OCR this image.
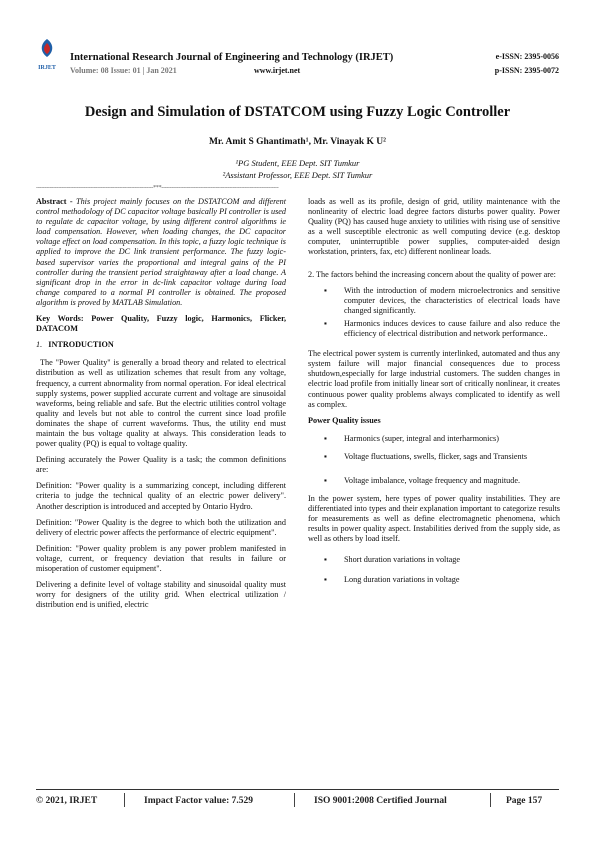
IRJET
International Research Journal of Engineering and Technology (IRJET)
Volume: 08 Issue: 01 | Jan 2021	www.irjet.net
e-ISSN: 2395-0056
p-ISSN: 2395-0072
Design and Simulation of DSTATCOM using Fuzzy Logic Controller
Mr. Amit S Ghantimath¹, Mr. Vinayak K U²
¹PG Student, EEE Dept. SIT Tumkur
²Assistant Professor, EEE Dept. SIT Tumkur
---------------------------------------------------------------------***---------------------------------------------------------------------

Abstract - This project mainly focuses on the DSTATCOM and different control methodology of DC capacitor voltage basically PI controller is used to regulate dc capacitor voltage, by using different control algorithms ie load compensation. However, when loading changes, the DC capacitor voltage effect on load compensation. In this topic, a fuzzy logic technique is applied to improve the DC link transient performance. The fuzzy logic-based supervisor varies the proportional and integral gains of the PI controller during the transient period straightaway after a load change. A significant drop in the error in dc-link capacitor voltage during load change compared to a normal PI controller is obtained. The proposed algorithm is proved by MATLAB Simulation.

Key Words: Power Quality, Fuzzy logic, Harmonics, Flicker, DATACOM

1. INTRODUCTION

The "Power Quality" is generally a broad theory and related to electrical distribution as well as utilization schemes that result from any voltage, frequency, a current abnormality from normal operation. For ideal electrical supply systems, power supplied accurate current and voltage are sinusoidal waveforms, being reliable and safe. But the electric utilities control voltage quality and levels but not able to control the current since load profile dominates the shape of current waveforms. Thus, the utility end must maintain the bus voltage quality at always. This consideration leads to power quality (PQ) is equal to voltage quality.

Defining accurately the Power Quality is a task; the common definitions are:

Definition: "Power quality is a summarizing concept, including different criteria to judge the technical quality of an electric power delivery". Another description is introduced and accepted by Ontario Hydro.

Definition: "Power Quality is the degree to which both the utilization and delivery of electric power affects the performance of electric equipment".

Definition: "Power quality problem is any power problem manifested in voltage, current, or frequency deviation that results in failure or misoperation of customer equipment".

Delivering a definite level of voltage stability and sinusoidal quality must worry for designers of the utility grid. When electrical utilization / distribution end is unified, electric

loads as well as its profile, design of grid, utility maintenance with the nonlinearity of electric load degree factors disturbs power quality. Power Quality (PQ) has caused huge anxiety to utilities with rising use of sensitive as a well susceptible electronic as well computing device (e.g. desktop computer, uninterruptible power supplies, computer-aided design workstation, printers, fax, etc) different nonlinear loads.

2. The factors behind the increasing concern about the quality of power are:

▪ With the introduction of modern microelectronics and sensitive computer devices, the characteristics of electrical loads have changed significantly.
▪ Harmonics induces devices to cause failure and also reduce the efficiency of electrical distribution and network performance..

The electrical power system is currently interlinked, automated and thus any system failure will major financial consequences due to process shutdown,especially for large industrial customers. The sudden changes in electric load profile from initially linear sort of critically nonlinear, it creates continuous power quality problems always complicated to identify as well as complex.

Power Quality issues

▪ Harmonics (super, integral and interharmonics)
▪ Voltage fluctuations, swells, flicker, sags and Transients
▪ Voltage imbalance, voltage frequency and magnitude.

In the power system, here types of power quality instabilities. They are differentiated into types and their explanation important to categorize results for measurements as well as define electromagnetic phenomena, which results in power quality aspect. Instabilities derived from the supply side, as well as others by load itself.

▪ Short duration variations in voltage
▪ Long duration variations in voltage
© 2021, IRJET	Impact Factor value: 7.529	ISO 9001:2008 Certified Journal	Page 157
